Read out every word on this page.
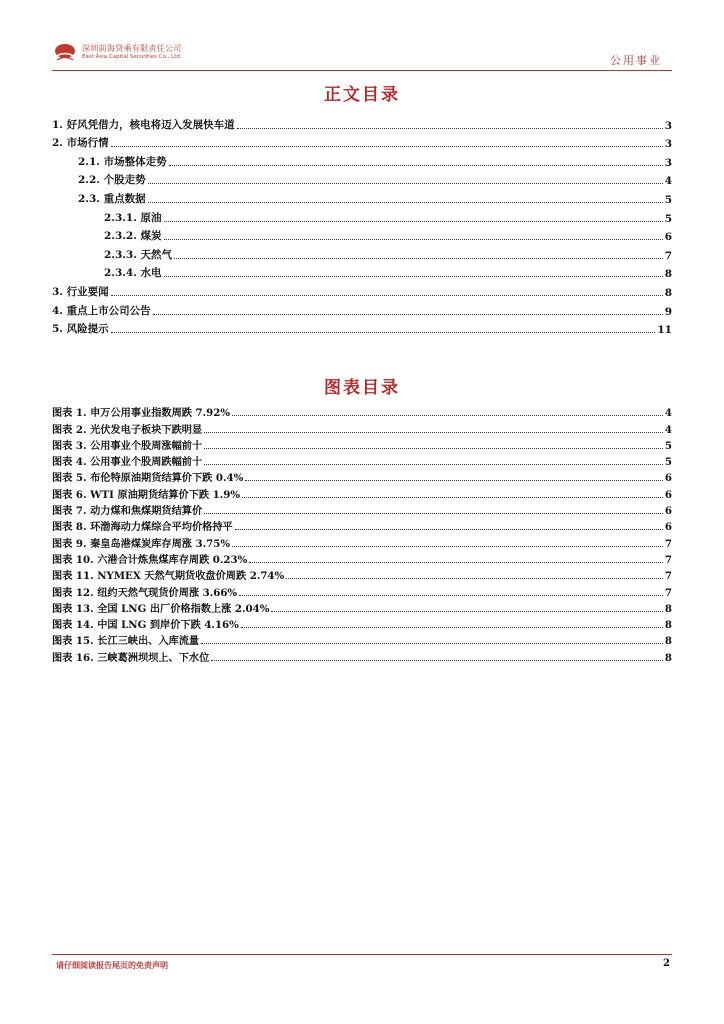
深圳前海贤乘有限责任公司
East Asia Capital Securities Co., Ltd.	公用事业
正文目录
1. 好风凭借力，核电将迈入发展快车道	3
2. 市场行情	3
2.1. 市场整体走势	3
2.2. 个股走势	4
2.3. 重点数据	5
2.3.1. 原油	5
2.3.2. 煤炭	6
2.3.3. 天然气	7
2.3.4. 水电	8
3. 行业要闻	8
4. 重点上市公司公告	9
5. 风险提示	11
图表目录
图表 1. 申万公用事业指数周跌 7.92%	4
图表 2. 光伏发电子板块下跌明显	4
图表 3. 公用事业个股周涨幅前十	5
图表 4. 公用事业个股周跌幅前十	5
图表 5. 布伦特原油期货结算价下跌 0.4%	6
图表 6. WTI 原油期货结算价下跌 1.9%	6
图表 7. 动力煤和焦煤期货结算价	6
图表 8. 环渤海动力煤综合平均价格持平	6
图表 9. 秦皇岛港煤炭库存周涨 3.75%	7
图表 10. 六港合计炼焦煤库存周跌 0.23%	7
图表 11. NYMEX 天然气期货收盘价周跌 2.74%	7
图表 12. 纽约天然气现货价周涨 3.66%	7
图表 13. 全国 LNG 出厂价格指数上涨 2.04%	8
图表 14. 中国 LNG 到岸价下跌 4.16%	8
图表 15. 长江三峡出、入库流量	8
图表 16. 三峡葛洲坝坝上、下水位	8
请仔细阅读报告尾页的免责声明	2
